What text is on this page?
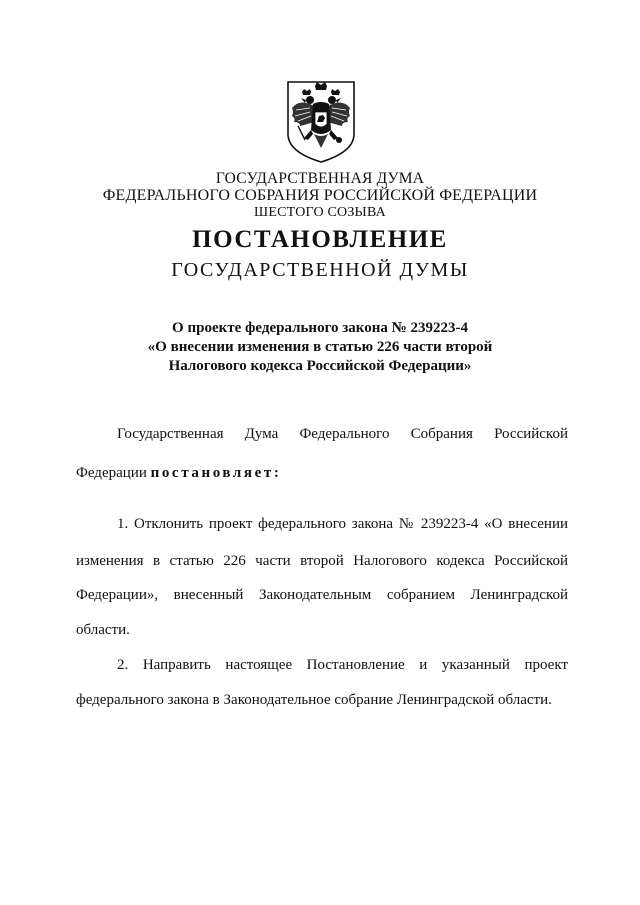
ГОСУДАРСТВЕННАЯ ДУМА
ФЕДЕРАЛЬНОГО СОБРАНИЯ РОССИЙСКОЙ ФЕДЕРАЦИИ
ШЕСТОГО СОЗЫВА
ПОСТАНОВЛЕНИЕ
ГОСУДАРСТВЕННОЙ ДУМЫ
О проекте федерального закона № 239223-4
«О внесении изменения в статью 226 части второй
Налогового кодекса Российской Федерации»
Государственная Дума Федерального Собрания Российской
Федерации постановляет:
1. Отклонить проект федерального закона № 239223-4 «О внесении
изменения в статью 226 части второй Налогового кодекса Российской
Федерации», внесенный Законодательным собранием Ленинградской
области.
2. Направить настоящее Постановление и указанный проект
федерального закона в Законодательное собрание Ленинградской области.
